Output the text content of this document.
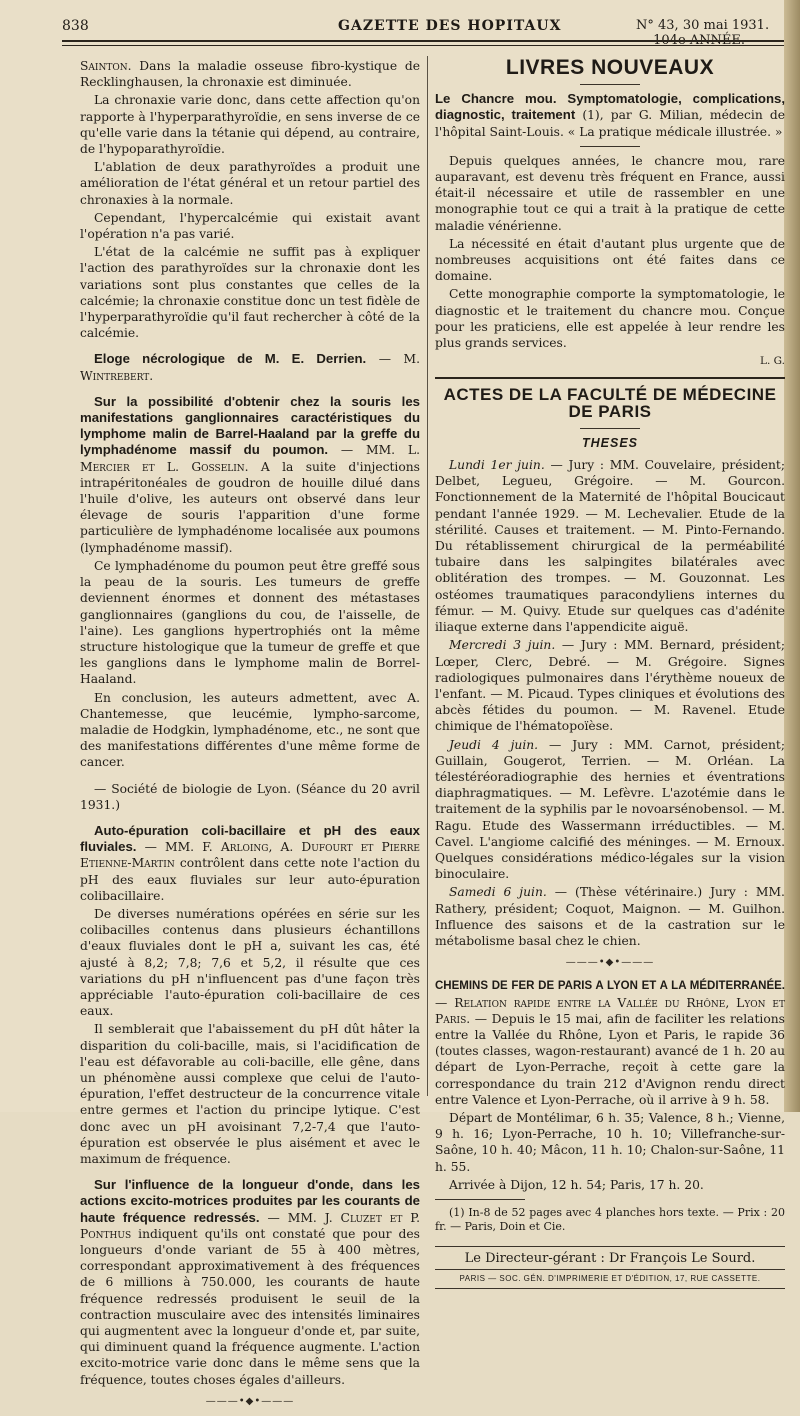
838	GAZETTE DES HOPITAUX	N° 43, 30 mai 1931. — 104e ANNÉE.

Sainton. Dans la maladie osseuse fibro-kystique de Recklinghausen, la chronaxie est diminuée.

La chronaxie varie donc, dans cette affection qu'on rapporte à l'hyperparathyroïdie, en sens inverse de ce qu'elle varie dans la tétanie qui dépend, au contraire, de l'hypoparathyroïdie.

L'ablation de deux parathyroïdes a produit une amélioration de l'état général et un retour partiel des chronaxies à la normale.

Cependant, l'hypercalcémie qui existait avant l'opération n'a pas varié.

L'état de la calcémie ne suffit pas à expliquer l'action des parathyroïdes sur la chronaxie dont les variations sont plus constantes que celles de la calcémie; la chronaxie constitue donc un test fidèle de l'hyperparathyroïdie qu'il faut rechercher à côté de la calcémie.

Eloge nécrologique de M. E. Derrien. — M. Wintrebert.

Sur la possibilité d'obtenir chez la souris les manifestations ganglionnaires caractéristiques du lymphome malin de Barrel-Haaland par la greffe du lymphadénome massif du poumon. — MM. L. Mercier et L. Gosselin. A la suite d'injections intrapéritonéales de goudron de houille dilué dans l'huile d'olive, les auteurs ont observé dans leur élevage de souris l'apparition d'une forme particulière de lymphadénome localisée aux poumons (lymphadénome massif).

Ce lymphadénome du poumon peut être greffé sous la peau de la souris. Les tumeurs de greffe deviennent énormes et donnent des métastases ganglionnaires (ganglions du cou, de l'aisselle, de l'aine). Les ganglions hypertrophiés ont la même structure histologique que la tumeur de greffe et que les ganglions dans le lymphome malin de Borrel-Haaland.

En conclusion, les auteurs admettent, avec A. Chantemesse, que leucémie, lympho-sarcome, maladie de Hodgkin, lymphadénome, etc., ne sont que des manifestations différentes d'une même forme de cancer.

— Société de biologie de Lyon. (Séance du 20 avril 1931.)

Auto-épuration coli-bacillaire et pH des eaux fluviales. — MM. F. Arloing, A. Dufourt et Pierre Etienne-Martin contrôlent dans cette note l'action du pH des eaux fluviales sur leur auto-épuration colibacillaire.

De diverses numérations opérées en série sur les colibacilles contenus dans plusieurs échantillons d'eaux fluviales dont le pH a, suivant les cas, été ajusté à 8,2; 7,8; 7,6 et 5,2, il résulte que ces variations du pH n'influencent pas d'une façon très appréciable l'auto-épuration coli-bacillaire de ces eaux.

Il semblerait que l'abaissement du pH dût hâter la disparition du coli-bacille, mais, si l'acidification de l'eau est défavorable au coli-bacille, elle gêne, dans un phénomène aussi complexe que celui de l'auto-épuration, l'effet destructeur de la concurrence vitale entre germes et l'action du principe lytique. C'est donc avec un pH avoisinant 7,2-7,4 que l'auto-épuration est observée le plus aisément et avec le maximum de fréquence.

Sur l'influence de la longueur d'onde, dans les actions excito-motrices produites par les courants de haute fréquence redressés. — MM. J. Cluzet et P. Ponthus indiquent qu'ils ont constaté que pour des longueurs d'onde variant de 55 à 400 mètres, correspondant approximativement à des fréquences de 6 millions à 750.000, les courants de haute fréquence redressés produisent le seuil de la contraction musculaire avec des intensités liminaires qui augmentent avec la longueur d'onde et, par suite, qui diminuent quand la fréquence augmente. L'action excito-motrice varie donc dans le même sens que la fréquence, toutes choses égales d'ailleurs.

———•◆•———
LIVRES NOUVEAUX

Le Chancre mou. Symptomatologie, complications, diagnostic, traitement (1), par G. Milian, médecin de l'hôpital Saint-Louis. « La pratique médicale illustrée. »

Depuis quelques années, le chancre mou, rare auparavant, est devenu très fréquent en France, aussi était-il nécessaire et utile de rassembler en une monographie tout ce qui a trait à la pratique de cette maladie vénérienne.

La nécessité en était d'autant plus urgente que de nombreuses acquisitions ont été faites dans ce domaine.

Cette monographie comporte la symptomatologie, le diagnostic et le traitement du chancre mou. Conçue pour les praticiens, elle est appelée à leur rendre les plus grands services.

L. G.
ACTES DE LA FACULTÉ DE MÉDECINE DE PARIS
THESES

Lundi 1er juin. — Jury : MM. Couvelaire, président; Delbet, Legueu, Grégoire. — M. Gourcon. Fonctionnement de la Maternité de l'hôpital Boucicaut pendant l'année 1929. — M. Lechevalier. Etude de la stérilité. Causes et traitement. — M. Pinto-Fernando. Du rétablissement chirurgical de la perméabilité tubaire dans les salpingites bilatérales avec oblitération des trompes. — M. Gouzonnat. Les ostéomes traumatiques paracondyliens internes du fémur. — M. Quivy. Etude sur quelques cas d'adénite iliaque externe dans l'appendicite aiguë.

Mercredi 3 juin. — Jury : MM. Bernard, président; Lœper, Clerc, Debré. — M. Grégoire. Signes radiologiques pulmonaires dans l'érythème noueux de l'enfant. — M. Picaud. Types cliniques et évolutions des abcès fétides du poumon. — M. Ravenel. Etude chimique de l'hématopoïèse.

Jeudi 4 juin. — Jury : MM. Carnot, président; Guillain, Gougerot, Terrien. — M. Orléan. La télestéréoradiographie des hernies et éventrations diaphragmatiques. — M. Lefèvre. L'azotémie dans le traitement de la syphilis par le novoarsénobensol. — M. Ragu. Etude des Wassermann irréductibles. — M. Cavel. L'angiome calcifié des méninges. — M. Ernoux. Quelques considérations médico-légales sur la vision binoculaire.

Samedi 6 juin. — (Thèse vétérinaire.) Jury : MM. Rathery, président; Coquot, Maignon. — M. Guilhon. Influence des saisons et de la castration sur le métabolisme basal chez le chien.

———•◆•———

CHEMINS DE FER DE PARIS A LYON ET A LA MÉDITERRANÉE. — Relation rapide entre la Vallée du Rhône, Lyon et Paris. — Depuis le 15 mai, afin de faciliter les relations entre la Vallée du Rhône, Lyon et Paris, le rapide 36 (toutes classes, wagon-restaurant) avancé de 1 h. 20 au départ de Lyon-Perrache, reçoit à cette gare la correspondance du train 212 d'Avignon rendu direct entre Valence et Lyon-Perrache, où il arrive à 9 h. 58.

Départ de Montélimar, 6 h. 35; Valence, 8 h.; Vienne, 9 h. 16; Lyon-Perrache, 10 h. 10; Villefranche-sur-Saône, 10 h. 40; Mâcon, 11 h. 10; Chalon-sur-Saône, 11 h. 55.

Arrivée à Dijon, 12 h. 54; Paris, 17 h. 20.

(1) In-8 de 52 pages avec 4 planches hors texte. — Prix : 20 fr. — Paris, Doin et Cie.

Le Directeur-gérant : Dr François Le Sourd.
PARIS — SOC. GÉN. D'IMPRIMERIE ET D'ÉDITION, 17, RUE CASSETTE.
